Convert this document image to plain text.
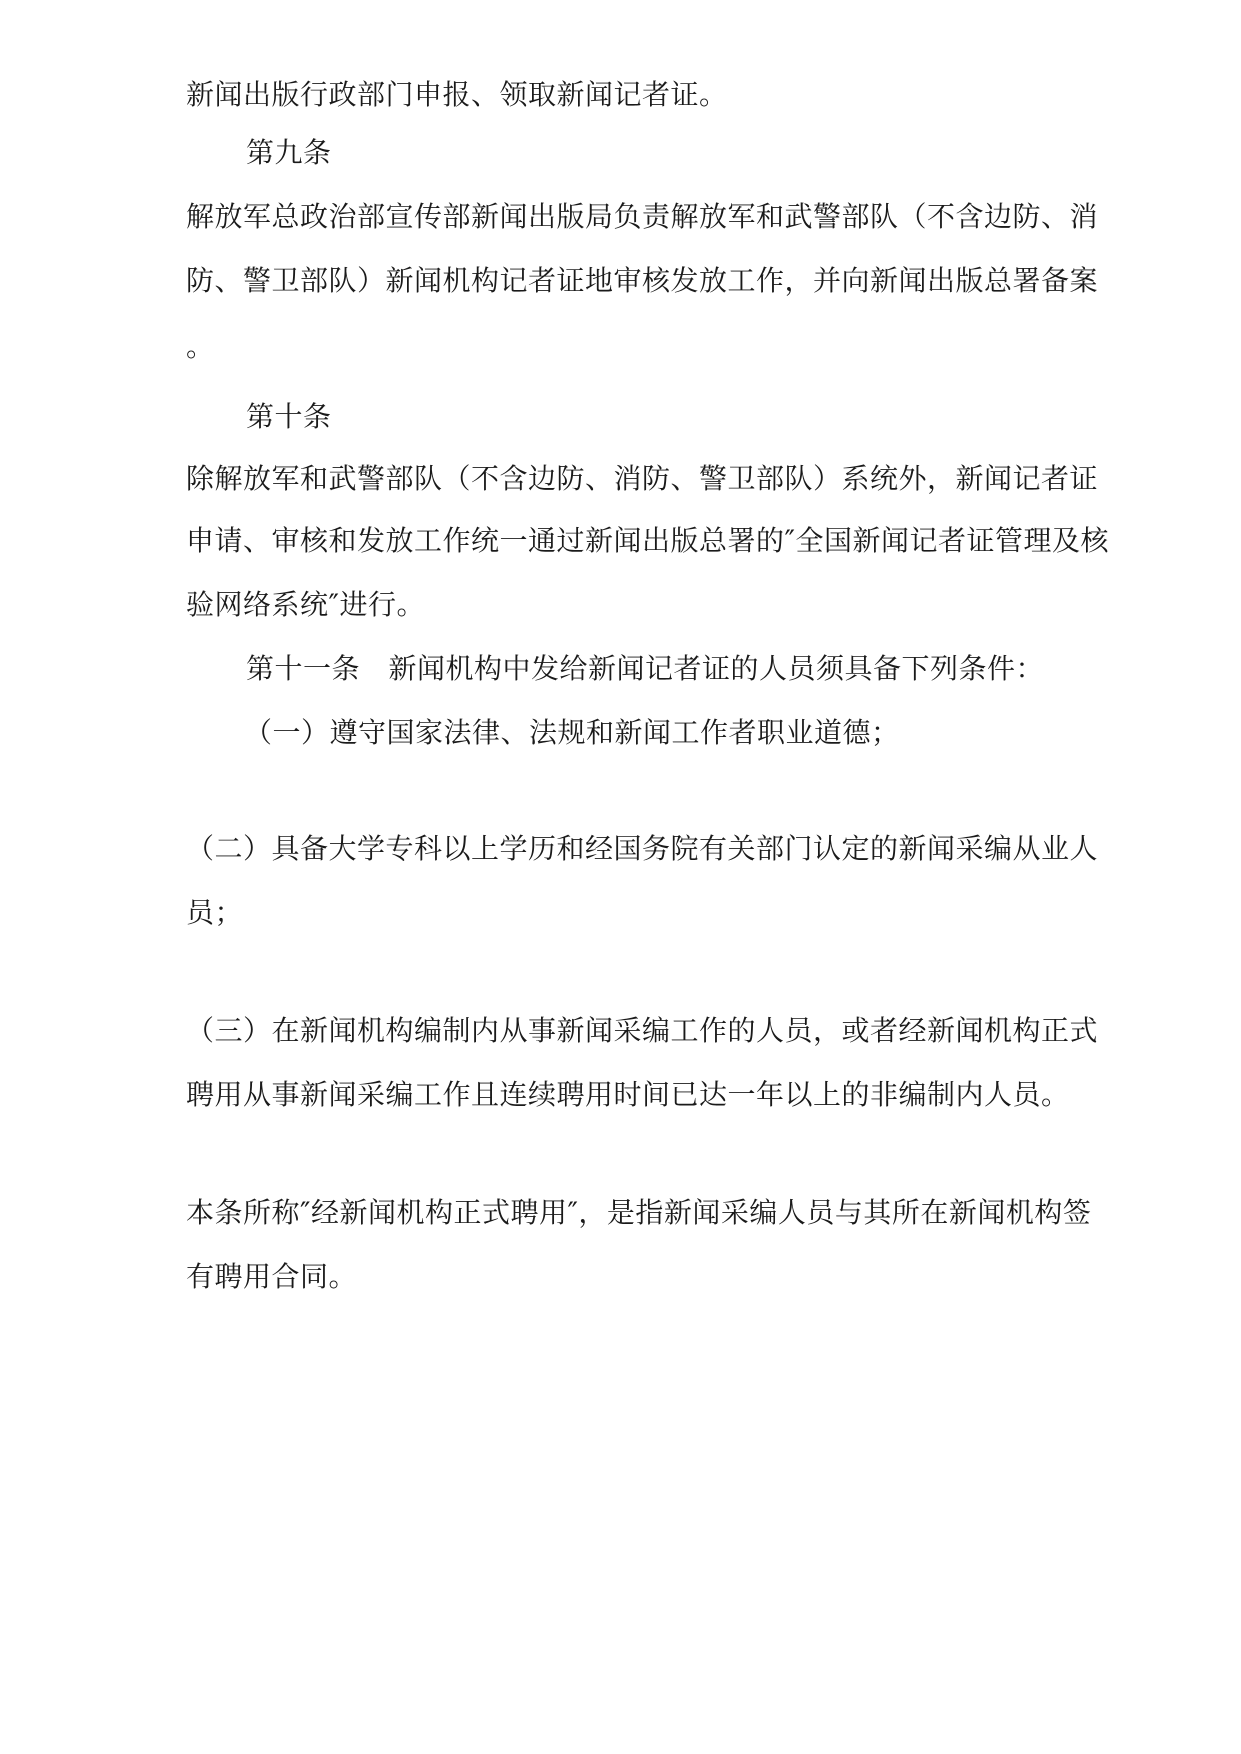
新闻出版行政部门申报、领取新闻记者证。
第九条
解放军总政治部宣传部新闻出版局负责解放军和武警部队（不含边防、消
防、警卫部队）新闻机构记者证地审核发放工作，并向新闻出版总署备案
。
第十条
除解放军和武警部队（不含边防、消防、警卫部队）系统外，新闻记者证
申请、审核和发放工作统一通过新闻出版总署的″全国新闻记者证管理及核
验网络系统″进行。
第十一条　新闻机构中发给新闻记者证的人员须具备下列条件：
（一）遵守国家法律、法规和新闻工作者职业道德；
（二）具备大学专科以上学历和经国务院有关部门认定的新闻采编从业人
员；
（三）在新闻机构编制内从事新闻采编工作的人员，或者经新闻机构正式
聘用从事新闻采编工作且连续聘用时间已达一年以上的非编制内人员。
本条所称″经新闻机构正式聘用″，是指新闻采编人员与其所在新闻机构签
有聘用合同。
